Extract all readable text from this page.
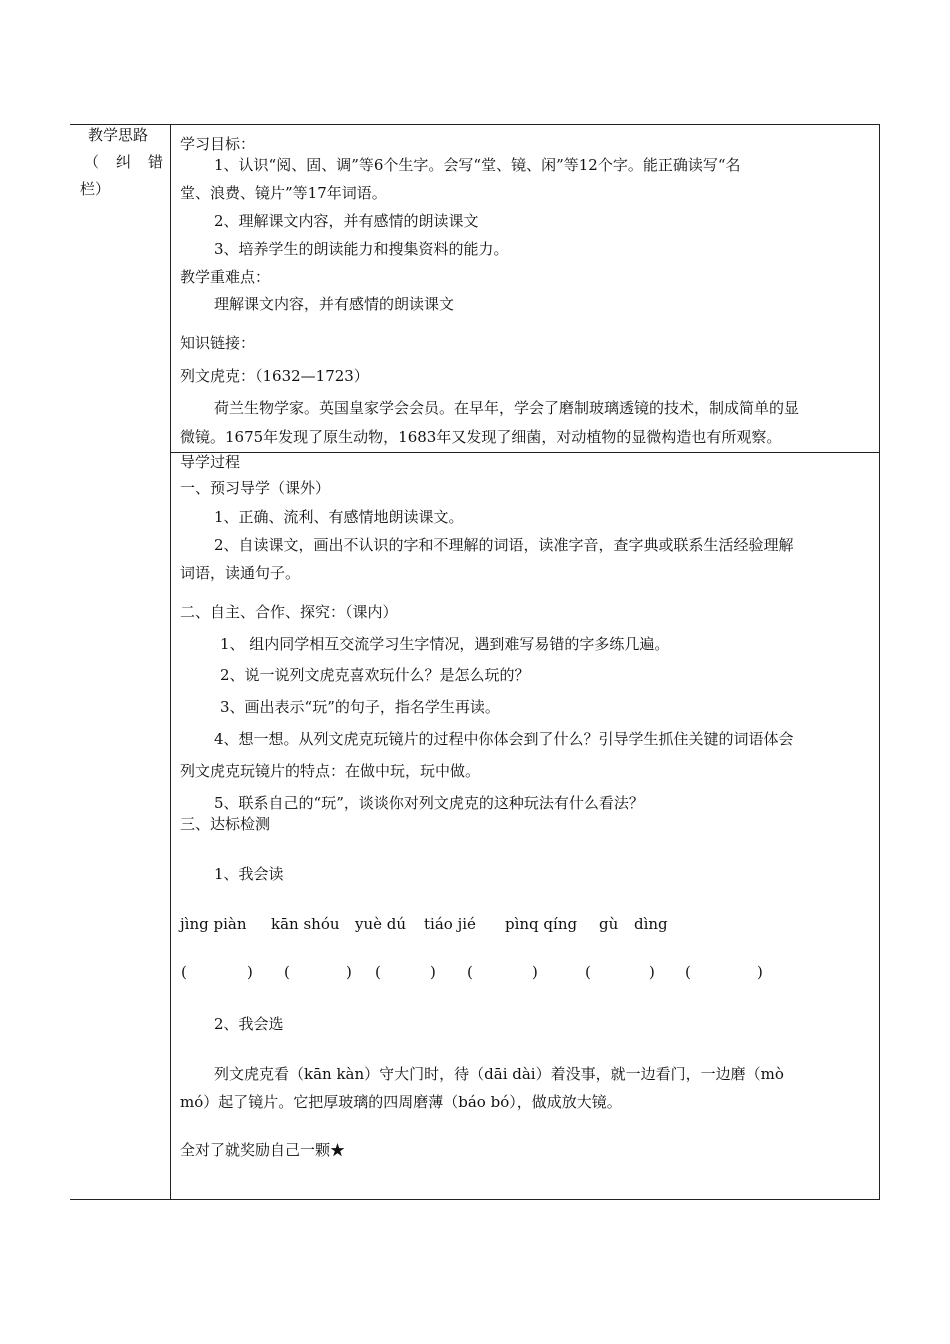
教学思路
（ 纠 错
栏）
学习目标：
1、认识“阅、固、调”等6个生字。会写“堂、镜、闲”等12个字。能正确读写“名
堂、浪费、镜片”等17年词语。
2、理解课文内容，并有感情的朗读课文
3、培养学生的朗读能力和搜集资料的能力。
教学重难点：
理解课文内容，并有感情的朗读课文
知识链接：
列文虎克：（1632—1723）
荷兰生物学家。英国皇家学会会员。在早年，学会了磨制玻璃透镜的技术，制成简单的显
微镜。1675年发现了原生动物，1683年又发现了细菌，对动植物的显微构造也有所观察。
导学过程
一、预习导学（课外）
1、正确、流利、有感情地朗读课文。
2、自读课文，画出不认识的字和不理解的词语，读准字音，查字典或联系生活经验理解
词语，读通句子。
二、自主、合作、探究：（课内）
1、 组内同学相互交流学习生字情况，遇到难写易错的字多练几遍。
2、说一说列文虎克喜欢玩什么？是怎么玩的？
3、画出表示“玩”的句子，指名学生再读。
4、想一想。从列文虎克玩镜片的过程中你体会到了什么？引导学生抓住关键的词语体会
列文虎克玩镜片的特点：在做中玩，玩中做。
5、联系自己的“玩”，谈谈你对列文虎克的这种玩法有什么看法？
三、达标检测
1、我会读
jìng piàn kān shóu yuè dú tiáo jié pìnq qíng gù dìng
(	) (	) (	) (	)	(	) (	)
2、我会选
列文虎克看（kān kàn）守大门时，待（dāi dài）着没事，就一边看门，一边磨（mò
mó）起了镜片。它把厚玻璃的四周磨薄（báo bó），做成放大镜。
全对了就奖励自己一颗★
